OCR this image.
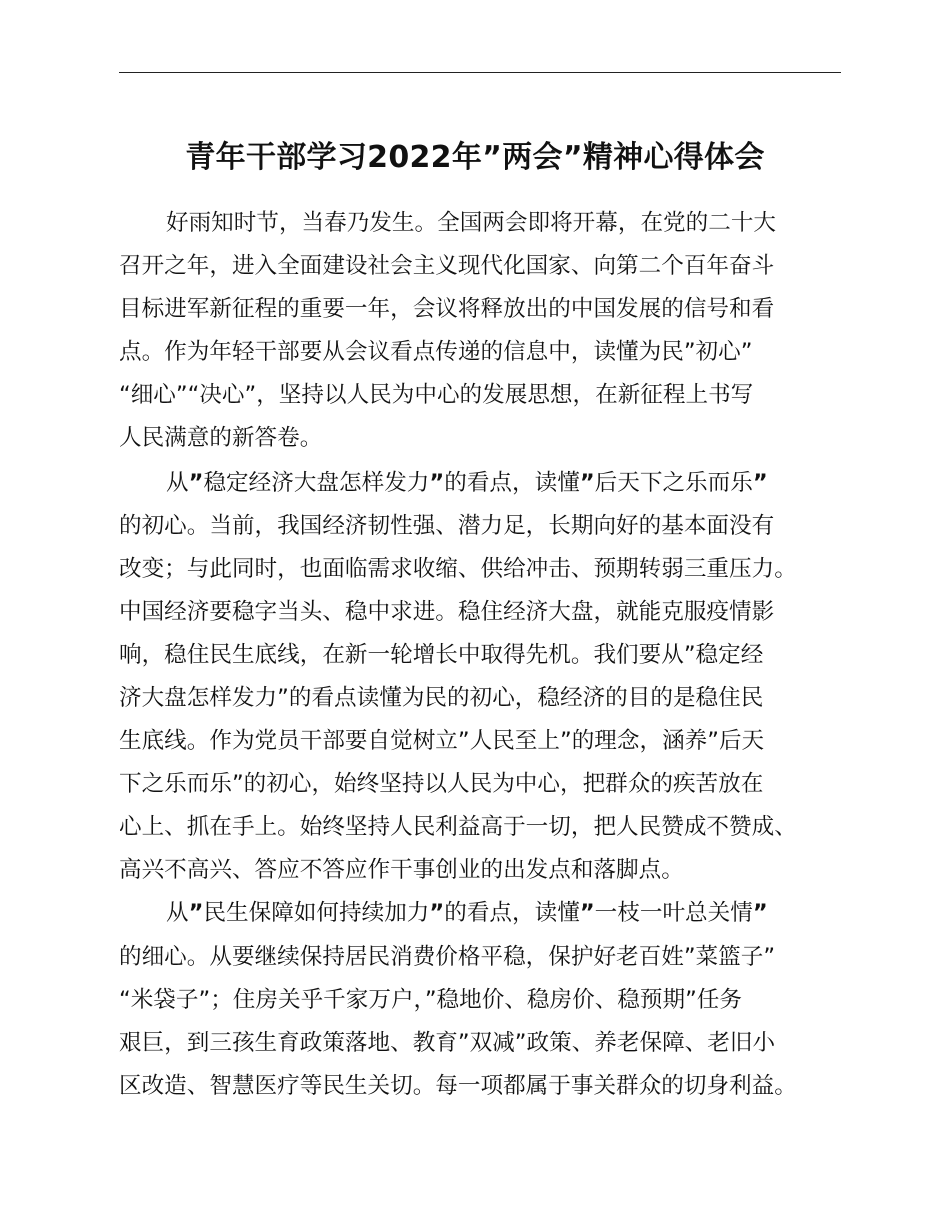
青年干部学习2022年”两会”精神心得体会

好雨知时节，当春乃发生。全国两会即将开幕，在党的二十大

召开之年，进入全面建设社会主义现代化国家、向第二个百年奋斗

目标进军新征程的重要一年，会议将释放出的中国发展的信号和看

点。作为年轻干部要从会议看点传递的信息中，读懂为民”初心”

“细心”“决心”，坚持以人民为中心的发展思想，在新征程上书写

人民满意的新答卷。

从”稳定经济大盘怎样发力”的看点，读懂”后天下之乐而乐”

的初心。当前，我国经济韧性强、潜力足，长期向好的基本面没有

改变；与此同时，也面临需求收缩、供给冲击、预期转弱三重压力。

中国经济要稳字当头、稳中求进。稳住经济大盘，就能克服疫情影

响，稳住民生底线，在新一轮增长中取得先机。我们要从”稳定经

济大盘怎样发力”的看点读懂为民的初心，稳经济的目的是稳住民

生底线。作为党员干部要自觉树立”人民至上”的理念，涵养”后天

下之乐而乐”的初心，始终坚持以人民为中心，把群众的疾苦放在

心上、抓在手上。始终坚持人民利益高于一切，把人民赞成不赞成、

高兴不高兴、答应不答应作干事创业的出发点和落脚点。

从”民生保障如何持续加力”的看点，读懂”一枝一叶总关情”

的细心。从要继续保持居民消费价格平稳，保护好老百姓”菜篮子”

“米袋子”；住房关乎千家万户，”稳地价、稳房价、稳预期”任务

艰巨，到三孩生育政策落地、教育”双减”政策、养老保障、老旧小

区改造、智慧医疗等民生关切。每一项都属于事关群众的切身利益。
